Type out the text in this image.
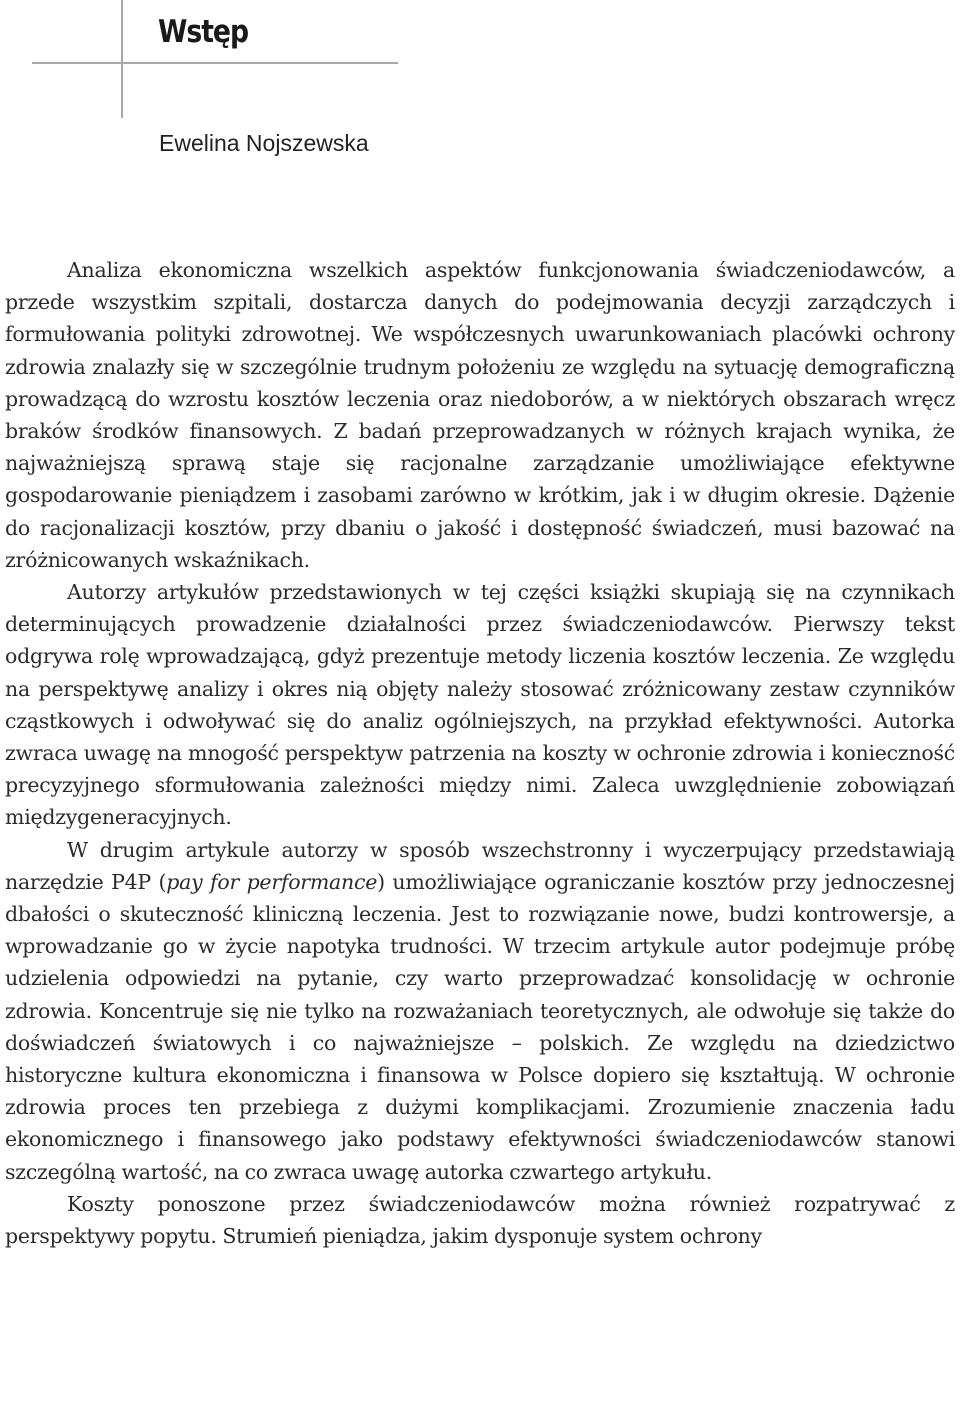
Wstęp

Ewelina Nojszewska

Analiza ekonomiczna wszelkich aspektów funkcjonowania świadczeniodawców, a przede wszystkim szpitali, dostarcza danych do podejmowania decyzji zarządczych i formułowania polityki zdrowotnej. We współczesnych uwarunkowaniach placówki ochrony zdrowia znalazły się w szczególnie trudnym położeniu ze względu na sytuację demograficzną prowadzącą do wzrostu kosztów leczenia oraz niedoborów, a w niektórych obszarach wręcz braków środków finansowych. Z badań przeprowadzanych w różnych krajach wynika, że najważniejszą sprawą staje się racjonalne zarządzanie umożliwiające efektywne gospodarowanie pieniądzem i zasobami zarówno w krótkim, jak i w długim okresie. Dążenie do racjonalizacji kosztów, przy dbaniu o jakość i dostępność świadczeń, musi bazować na zróżnicowanych wskaźnikach.

Autorzy artykułów przedstawionych w tej części książki skupiają się na czynnikach determinujących prowadzenie działalności przez świadczeniodawców. Pierwszy tekst odgrywa rolę wprowadzającą, gdyż prezentuje metody liczenia kosztów leczenia. Ze względu na perspektywę analizy i okres nią objęty należy stosować zróżnicowany zestaw czynników cząstkowych i odwoływać się do analiz ogólniejszych, na przykład efektywności. Autorka zwraca uwagę na mnogość perspektyw patrzenia na koszty w ochronie zdrowia i konieczność precyzyjnego sformułowania zależności między nimi. Zaleca uwzględnienie zobowiązań międzygeneracyjnych.

W drugim artykule autorzy w sposób wszechstronny i wyczerpujący przedstawiają narzędzie P4P (pay for performance) umożliwiające ograniczanie kosztów przy jednoczesnej dbałości o skuteczność kliniczną leczenia. Jest to rozwiązanie nowe, budzi kontrowersje, a wprowadzanie go w życie napotyka trudności. W trzecim artykule autor podejmuje próbę udzielenia odpowiedzi na pytanie, czy warto przeprowadzać konsolidację w ochronie zdrowia. Koncentruje się nie tylko na rozważaniach teoretycznych, ale odwołuje się także do doświadczeń światowych i co najważniejsze – polskich. Ze względu na dziedzictwo historyczne kultura ekonomiczna i finansowa w Polsce dopiero się kształtują. W ochronie zdrowia proces ten przebiega z dużymi komplikacjami. Zrozumienie znaczenia ładu ekonomicznego i finansowego jako podstawy efektywności świadczeniodawców stanowi szczególną wartość, na co zwraca uwagę autorka czwartego artykułu.

Koszty ponoszone przez świadczeniodawców można również rozpatrywać z perspektywy popytu. Strumień pieniądza, jakim dysponuje system ochrony
